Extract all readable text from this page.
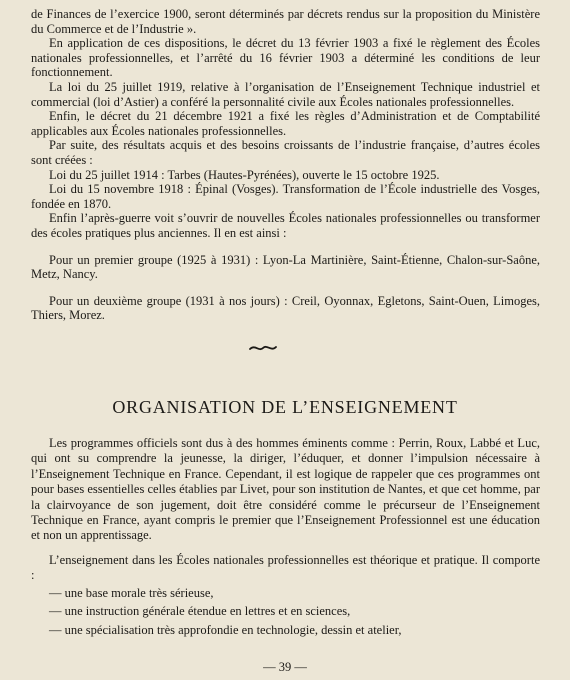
de Finances de l’exercice 1900, seront déterminés par décrets rendus sur la proposition du Ministère du Commerce et de l’Industrie ».

En application de ces dispositions, le décret du 13 février 1903 a fixé le règlement des Écoles nationales professionnelles, et l’arrêté du 16 février 1903 a déterminé les conditions de leur fonctionnement.

La loi du 25 juillet 1919, relative à l’organisation de l’Enseignement Technique industriel et commercial (loi d’Astier) a conféré la personnalité civile aux Écoles nationales professionnelles.

Enfin, le décret du 21 décembre 1921 a fixé les règles d’Administration et de Comptabilité applicables aux Écoles nationales professionnelles.

Par suite, des résultats acquis et des besoins croissants de l’industrie française, d’autres écoles sont créées :

Loi du 25 juillet 1914 : Tarbes (Hautes-Pyrénées), ouverte le 15 octobre 1925.

Loi du 15 novembre 1918 : Épinal (Vosges). Transformation de l’École industrielle des Vosges, fondée en 1870.

Enfin l’après-guerre voit s’ouvrir de nouvelles Écoles nationales professionnelles ou transformer des écoles pratiques plus anciennes. Il en est ainsi :

Pour un premier groupe (1925 à 1931) : Lyon-La Martinière, Saint-Étienne, Chalon-sur-Saône, Metz, Nancy.

Pour un deuxième groupe (1931 à nos jours) : Creil, Oyonnax, Egletons, Saint-Ouen, Limoges, Thiers, Morez.

ORGANISATION DE L’ENSEIGNEMENT

Les programmes officiels sont dus à des hommes éminents comme : Perrin, Roux, Labbé et Luc, qui ont su comprendre la jeunesse, la diriger, l’éduquer, et donner l’impulsion nécessaire à l’Enseignement Technique en France. Cependant, il est logique de rappeler que ces programmes ont pour bases essentielles celles établies par Livet, pour son institution de Nantes, et que cet homme, par la clairvoyance de son jugement, doit être considéré comme le précurseur de l’Enseignement Technique en France, ayant compris le premier que l’Enseignement Professionnel est une éducation et non un apprentissage.

L’enseignement dans les Écoles nationales professionnelles est théorique et pratique. Il comporte :

— une base morale très sérieuse,
— une instruction générale étendue en lettres et en sciences,
— une spécialisation très approfondie en technologie, dessin et atelier,
— 39 —
